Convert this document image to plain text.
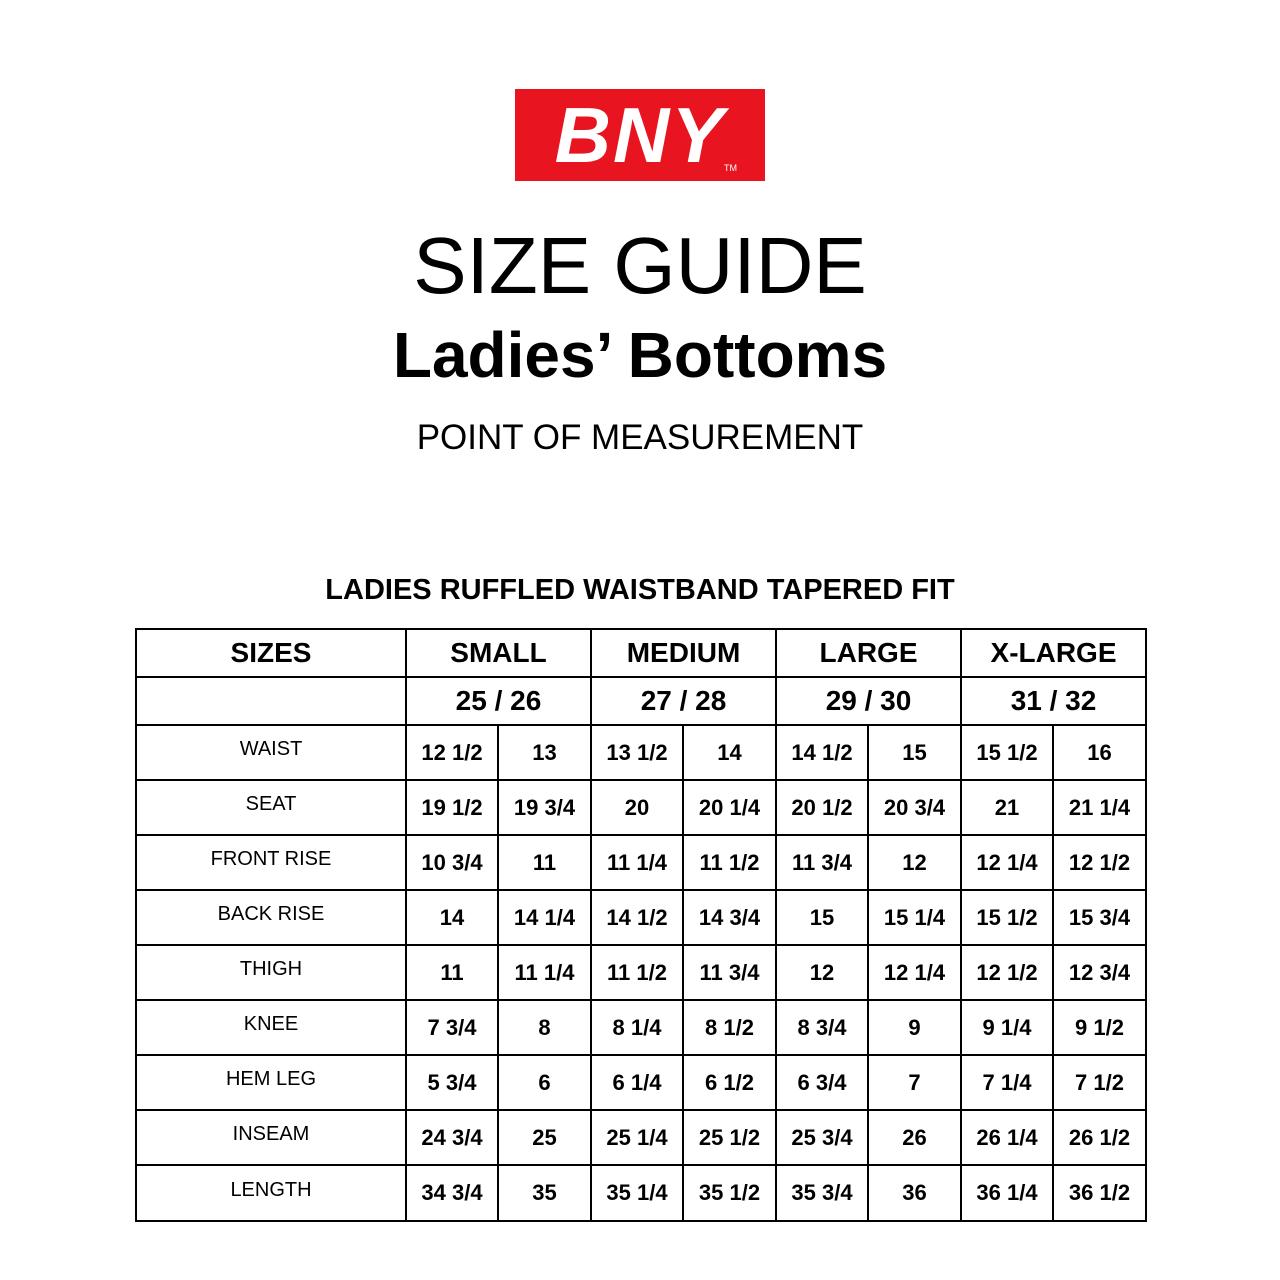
BNY
TM
SIZE GUIDE
Ladies’ Bottoms
POINT OF MEASUREMENT
LADIES RUFFLED WAISTBAND TAPERED FIT
SIZES	SMALL		MEDIUM		LARGE		X-LARGE	
	25 / 26		27 / 28		29 / 30		31 / 32	
WAIST	12 1/2	13	13 1/2	14	14 1/2	15	15 1/2	16
SEAT	19 1/2	19 3/4	20	20 1/4	20 1/2	20 3/4	21	21 1/4
FRONT RISE	10 3/4	11	11 1/4	11 1/2	11 3/4	12	12 1/4	12 1/2
BACK RISE	14	14 1/4	14 1/2	14 3/4	15	15 1/4	15 1/2	15 3/4
THIGH	11	11 1/4	11 1/2	11 3/4	12	12 1/4	12 1/2	12 3/4
KNEE	7 3/4	8	8 1/4	8 1/2	8 3/4	9	9 1/4	9 1/2
HEM LEG	5 3/4	6	6 1/4	6 1/2	6 3/4	7	7 1/4	7 1/2
INSEAM	24 3/4	25	25 1/4	25 1/2	25 3/4	26	26 1/4	26 1/2
LENGTH	34 3/4	35	35 1/4	35 1/2	35 3/4	36	36 1/4	36 1/2
